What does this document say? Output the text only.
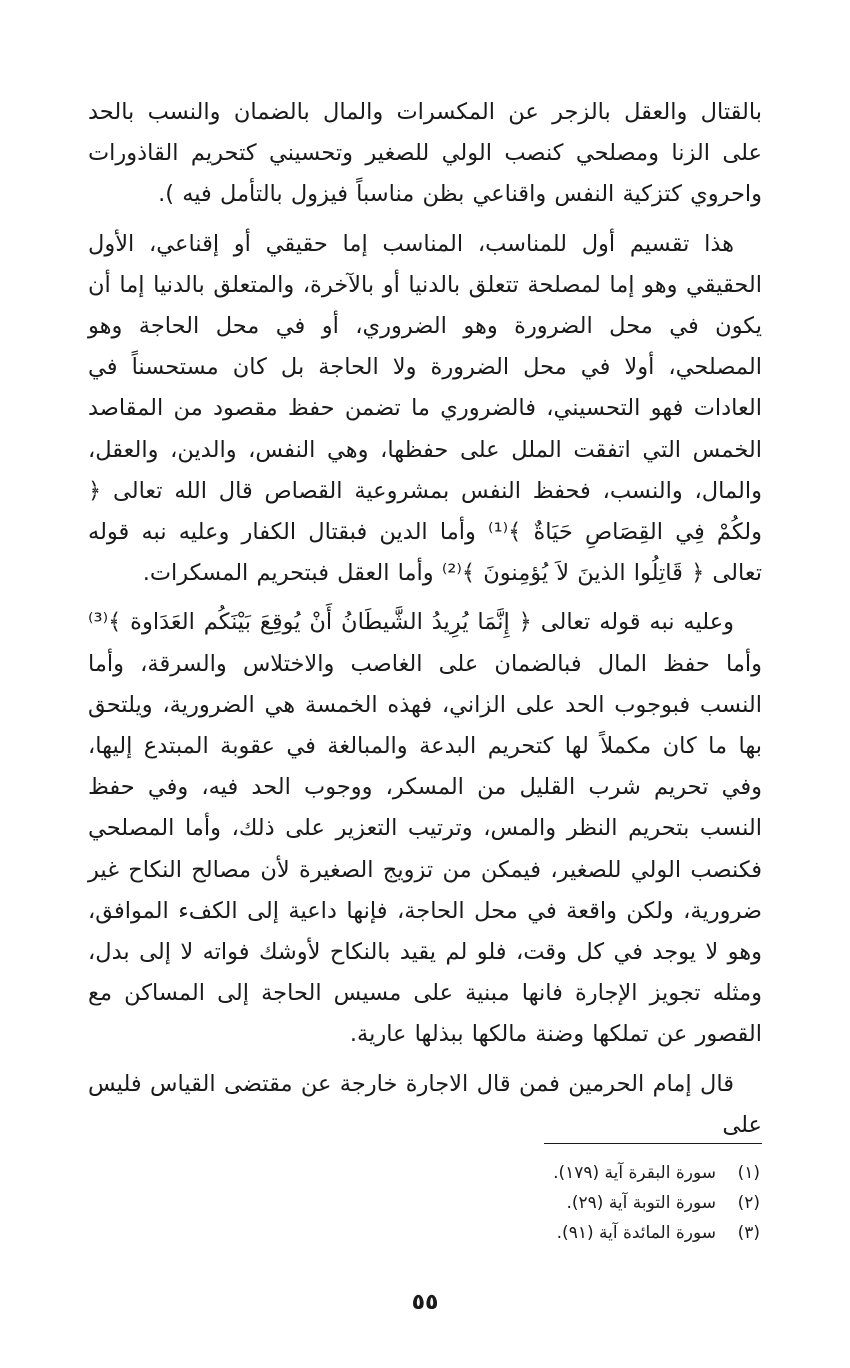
بالقتال والعقل بالزجر عن المكسرات والمال بالضمان والنسب بالحد على الزنا ومصلحي كنصب الولي للصغير وتحسيني كتحريم القاذورات واحروي كتزكية النفس واقناعي بظن مناسباً فيزول بالتأمل فيه ).

هذا تقسيم أول للمناسب، المناسب إما حقيقي أو إقناعي، الأول الحقيقي وهو إما لمصلحة تتعلق بالدنيا أو بالآخرة، والمتعلق بالدنيا إما أن يكون في محل الضرورة وهو الضروري، أو في محل الحاجة وهو المصلحي، أولا في محل الضرورة ولا الحاجة بل كان مستحسناً في العادات فهو التحسيني، فالضروري ما تضمن حفظ مقصود من المقاصد الخمس التي اتفقت الملل على حفظها، وهي النفس، والدين، والعقل، والمال، والنسب، فحفظ النفس بمشروعية القصاص قال الله تعالى ﴿ ولكُمْ فِي القِصَاصِ حَيَاةٌ ﴾⁽¹⁾ وأما الدين فبقتال الكفار وعليه نبه قوله تعالى ﴿ قَاتِلُوا الذينَ لاَ يُؤمِنونَ ﴾⁽²⁾ وأما العقل فبتحريم المسكرات.

وعليه نبه قوله تعالى ﴿ إِنَّمَا يُرِيدُ الشَّيطَانُ أَنْ يُوقِعَ بَيْنَكُم العَدَاوة ﴾⁽³⁾ وأما حفظ المال فبالضمان على الغاصب والاختلاس والسرقة، وأما النسب فبوجوب الحد على الزاني، فهذه الخمسة هي الضرورية، ويلتحق بها ما كان مكملاً لها كتحريم البدعة والمبالغة في عقوبة المبتدع إليها، وفي تحريم شرب القليل من المسكر، ووجوب الحد فيه، وفي حفظ النسب بتحريم النظر والمس، وترتيب التعزير على ذلك، وأما المصلحي فكنصب الولي للصغير، فيمكن من تزويج الصغيرة لأن مصالح النكاح غير ضرورية، ولكن واقعة في محل الحاجة، فإنها داعية إلى الكفء الموافق، وهو لا يوجد في كل وقت، فلو لم يقيد بالنكاح لأوشك فواته لا إلى بدل، ومثله تجويز الإجارة فانها مبنية على مسيس الحاجة إلى المساكن مع القصور عن تملكها وضنة مالكها ببذلها عارية.

قال إمام الحرمين فمن قال الاجارة خارجة عن مقتضى القياس فليس على

(١)
سورة البقرة آية (١٧٩).
(٢)
سورة التوبة آية (٢٩).
(٣)
سورة المائدة آية (٩١).
٥٥
